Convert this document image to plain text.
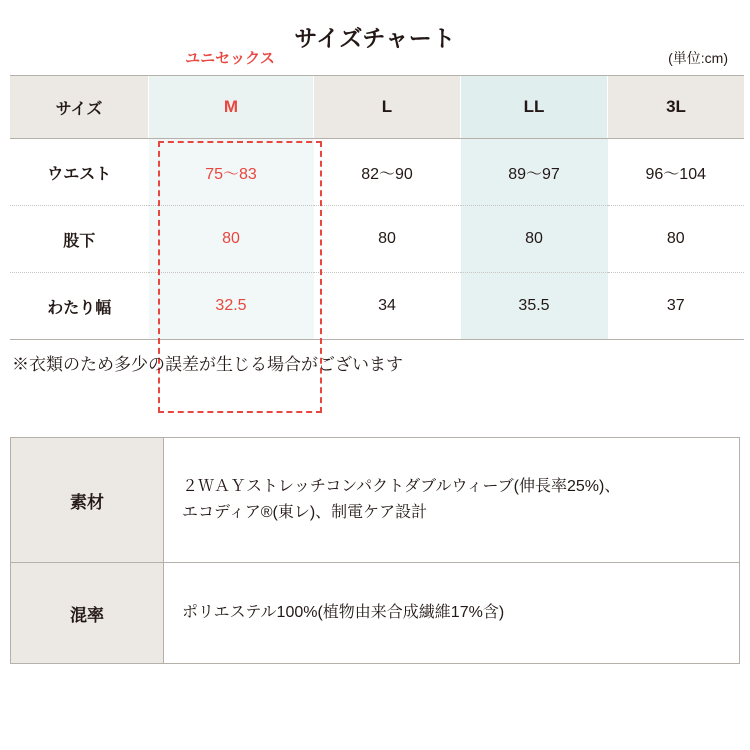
サイズチャート
ユニセックス	(単位:cm)
サイズ	M	L	LL	3L
ウエスト	75〜83	82〜90	89〜97	96〜104
股下	80	80	80	80
わたり幅	32.5	34	35.5	37
※衣類のため多少の誤差が生じる場合がございます
素材	２ＷＡＹストレッチコンパクトダブルウィーブ(伸長率25%)、
エコディア®(東レ)、制電ケア設計

混率	ポリエステル100%(植物由来合成繊維17%含)
